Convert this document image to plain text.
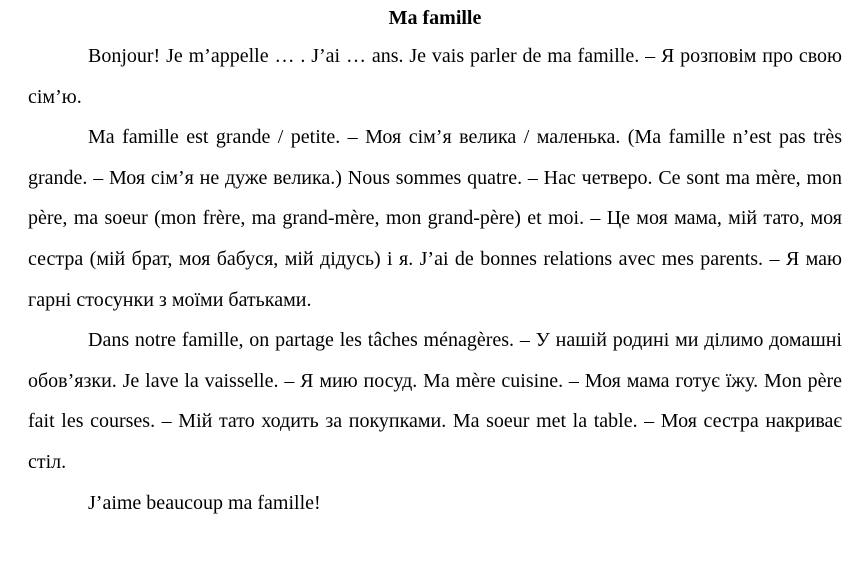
Ma famille

Bonjour! Je m’appelle … . J’ai … ans. Je vais parler de ma famille. – Я розповім про свою сім’ю.

Ma famille est grande / petite. – Моя сім’я велика / маленька. (Ma famille n’est pas très grande. – Моя сім’я не дуже велика.) Nous sommes quatre. – Нас четверо. Ce sont ma mère, mon père, ma soeur (mon frère, ma grand-mère, mon grand-père) et moi. – Це моя мама, мій тато, моя сестра (мій брат, моя бабуся, мій дідусь) і я. J’ai de bonnes relations avec mes parents. – Я маю гарні стосунки з моїми батьками.

Dans notre famille, on partage les tâches ménagères. – У нашій родині ми ділимо домашні обов’язки. Je lave la vaisselle. – Я мию посуд. Ma mère cuisine. – Моя мама готує їжу. Mon père fait les courses. – Мій тато ходить за покупками. Ma soeur met la table. – Моя сестра накриває стіл.

J’aime beaucoup ma famille!
